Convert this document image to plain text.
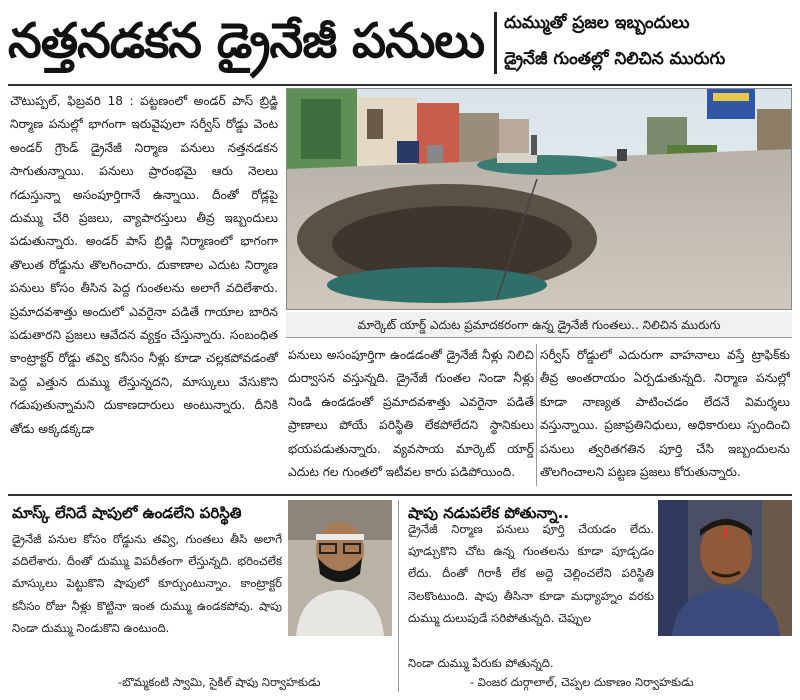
నత్తనడకన డ్రైనేజీ పనులు దుమ్ముతో ప్రజల ఇబ్బందులు
డ్రైనేజీ గుంతల్లో నిలిచిన మురుగు
చౌటుప్పల్‌, ఫిబ్రవరి 18 : పట్టణంలో అండర్‌ పాస్‌ బ్రిడ్జి నిర్మాణ పనుల్లో భాగంగా ఇరువైపులా సర్వీస్‌ రోడ్డు వెంట అండర్‌ గ్రౌండ్‌ డ్రైనేజీ నిర్మాణ పనులు నత్తనడకన సాగుతున్నాయి. పనులు ప్రారంభమై ఆరు నెలలు గడుస్తున్నా అసంపూర్తిగానే ఉన్నాయి. దీంతో రోడ్లపై దుమ్ము చేరి ప్రజలు, వ్యాపారస్తులు తీవ్ర ఇబ్బందులు పడుతున్నారు. అండర్‌ పాస్‌ బ్రిడ్జి నిర్మాణంలో భాగంగా తొలుత రోడ్డును తొలగించారు. దుకాణాల ఎదుట నిర్మాణ పనులు కోసం తీసిన పెద్ద గుంతలను అలాగే వదిలేశారు. ప్రమాదవశాత్తు అందులో ఎవరైనా పడితే గాయాల బారిన పడుతారని ప్రజలు ఆవేదన వ్యక్తం చేస్తున్నారు. సంబంధిత కాంట్రాక్టర్‌ రోడ్డు తవ్వి కనీసం నీళ్లు కూడా చల్లకపోవడంతో పెద్ద ఎత్తున దుమ్ము లేస్తున్నదని, మాస్కులు వేసుకొని గడుపుతున్నామని దుకాణదారులు అంటున్నారు. దీనికి తోడు అక్కడక్కడా
మార్కెట్‌ యార్డ్‌ ఎదుట ప్రమాదకరంగా ఉన్న డ్రైనేజీ గుంతలు.. నిలిచిన మురుగు
పనులు అసంపూర్తిగా ఉండడంతో డ్రైనేజీ నీళ్లు నిలిచి దుర్వాసన వస్తున్నది. డ్రైనేజీ గుంతల నిండా నీళ్లు నిండి ఉండడంతో ప్రమాదవశాత్తు ఎవరైనా పడితే ప్రాణాలు పోయే పరిస్థితి లేకపోలేదని స్థానికులు భయపడుతున్నారు. వ్యవసాయ మార్కెట్‌ యార్డ్‌ ఎదుట గల గుంతలో ఇటీవల కారు పడిపోయింది.
సర్వీస్‌ రోడ్డులో ఎదురుగా వాహనాలు వస్తే ట్రాఫిక్‌కు తీవ్ర అంతరాయం ఏర్పడుతున్నది. నిర్మాణ పనుల్లో కూడా నాణ్యత పాటించడం లేదనే విమర్శలు వస్తున్నాయి. ప్రజాప్రతినిధులు, అధికారులు స్పందించి పనులు త్వరితగతిన పూర్తి చేసి ఇబ్బందులను తొలగించాలని పట్టణ ప్రజలు కోరుతున్నారు.
మాస్క్‌ లేనిదే షాపులో ఉండలేని పరిస్థితి
డ్రైనేజీ పనుల కోసం రోడ్డును తవ్వి, గుంతలు తీసి అలాగే వదిలేశారు. దీంతో దుమ్ము విపరీతంగా లేస్తున్నది. భరించలేక మాస్కులు పెట్టుకొని షాపులో కూర్చుంటున్నాం. కాంట్రాక్టర్‌ కనీసం రోజు నీళ్లు కొట్టినా ఇంత దుమ్ము ఉండకపోవు. షాపు నిండా దుమ్ము నిండుకొని ఉంటుంది.
-బొమ్మకంటి స్వామి, సైకిల్‌ షాపు నిర్వాహకుడు
షాపు నడుపలేక పోతున్నా..
డ్రైనేజీ నిర్మాణ పనులు పూర్తి చేయడం లేదు. పూడ్చుకొని చోట ఉన్న గుంతలను కూడా పూడ్చడం లేదు. దీంతో గిరాకీ లేక అద్దె చెల్లించలేని పరిస్థితి నెలకొంటుంది. షాపు తీసినా కూడా మధ్యాహ్నం వరకు దుమ్ము దులుపుడే సరిపోతున్నది. చెప్పుల
నిండా దుమ్ము పేరుకు పోతున్నది.
- వింజర దుర్గాలాల్‌, చెప్పల దుకాణం నిర్వాహకుడు
